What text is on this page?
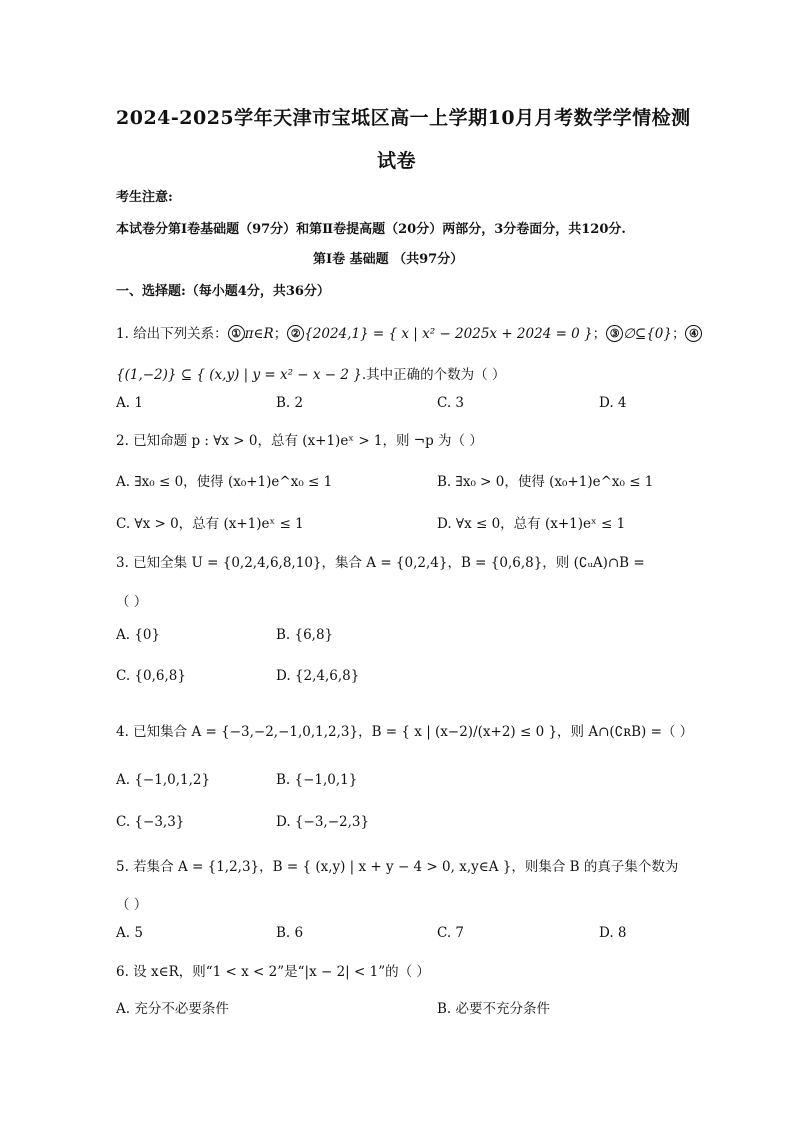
2024-2025学年天津市宝坻区高一上学期10月月考数学学情检测
试卷
考生注意:
本试卷分第Ⅰ卷基础题（97分）和第Ⅱ卷提高题（20分）两部分，3分卷面分，共120分.
第Ⅰ卷 基础题 （共97分）
一、选择题:（每小题4分，共36分）
1. 给出下列关系： ① π∈R； ② {2024,1} = { x | x² − 2025x + 2024 = 0 }； ③ ∅⊆{0}； ④
{(1,−2)} ⊆ { (x,y) | y = x² − x − 2 }.其中正确的个数为（ ）
A. 1	B. 2	C. 3	D. 4
2. 已知命题 p : ∀x > 0，总有 (x+1)eˣ > 1，则 ¬p 为（ ）
A. ∃x₀ ≤ 0，使得 (x₀+1)e^x₀ ≤ 1	B. ∃x₀ > 0，使得 (x₀+1)e^x₀ ≤ 1
C. ∀x > 0，总有 (x+1)eˣ ≤ 1	D. ∀x ≤ 0，总有 (x+1)eˣ ≤ 1
3. 已知全集 U = {0,2,4,6,8,10}，集合 A = {0,2,4}，B = {0,6,8}，则 (∁ᵤA)∩B =
（ ）
A. {0}	B. {6,8}
C. {0,6,8}	D. {2,4,6,8}
4. 已知集合 A = {−3,−2,−1,0,1,2,3}，B = { x | (x−2)/(x+2) ≤ 0 }，则 A∩(∁ʀB) =（ ）
A. {−1,0,1,2}	B. {−1,0,1}
C. {−3,3}	D. {−3,−2,3}
5. 若集合 A = {1,2,3}，B = { (x,y) | x + y − 4 > 0, x,y∈A }，则集合 B 的真子集个数为
（ ）
A. 5	B. 6	C. 7	D. 8
6. 设 x∈R，则“1 < x < 2”是“|x − 2| < 1”的（ ）
A. 充分不必要条件	B. 必要不充分条件
